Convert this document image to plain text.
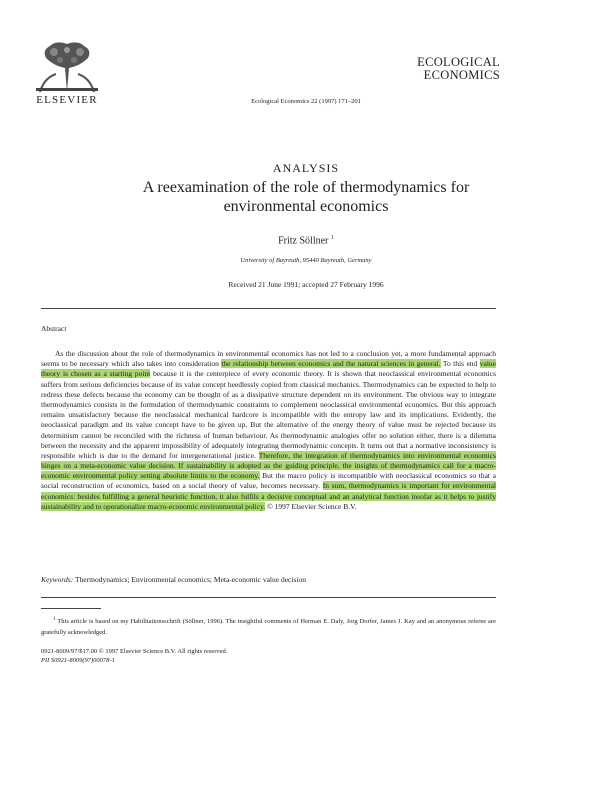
ELSEVIER	Ecological Economics 22 (1997) 171–201
ECOLOGICAL
ECONOMICS
ANALYSIS
A reexamination of the role of thermodynamics for environmental economics
Fritz Söllner $^1$
University of Bayreuth, 95440 Bayreuth, Germany
Received 21 June 1991; accepted 27 February 1996
Abstract
As the discussion about the role of thermodynamics in environmental economics has not led to a conclusion yet, a more fundamental approach seems to be necessary which also takes into consideration the relationship between economics and the natural sciences in general. To this end value theory is chosen as a starting point because it is the centerpiece of every economic theory. It is shown that neoclassical environmental economics suffers from serious deficiencies because of its value concept heedlessly copied from classical mechanics. Thermodynamics can be expected to help to redress these defects because the economy can be thought of as a dissipative structure dependent on its environment. The obvious way to integrate thermodynamics consists in the formulation of thermodynamic constraints to complement neoclassical environmental economics. But this approach remains unsatisfactory because the neoclassical mechanical hardcore is incompatible with the entropy law and its implications. Evidently, the neoclassical paradigm and its value concept have to be given up. But the alternative of the energy theory of value must be rejected because its determinism cannot be reconciled with the richness of human behaviour. As thermodynamic analogies offer no solution either, there is a dilemma between the necessity and the apparent impossibility of adequately integrating thermodynamic concepts. It turns out that a normative inconsistency is responsible which is due to the demand for intergenerational justice. Therefore, the integration of thermodynamics into environmental economics hinges on a meta-economic value decision. If sustainability is adopted as the guiding principle, the insights of thermodynamics call for a macro-economic environmental policy setting absolute limits to the economy. But the macro policy is incompatible with neoclassical economics so that a social reconstruction of economics, based on a social theory of value, becomes necessary. In sum, thermodynamics is important for environmental economics: besides fulfilling a general heuristic function, it also fulfils a decisive conceptual and an analytical function insofar as it helps to justify sustainability and to operationalize macro-economic environmental policy. © 1997 Elsevier Science B.V.
Keywords: Thermodynamics; Environmental economics; Meta-economic value decision
$^1$ This article is based on my Habilitationsschrift (Söllner, 1996). The insightful comments of Herman E. Daly, Jorg Dorfer, James J. Kay and an anonymous referee are gratefully acknowledged.
0921-8009/97/$17.00 © 1997 Elsevier Science B.V. All rights reserved.
PII S0921-8009(97)00078-1
